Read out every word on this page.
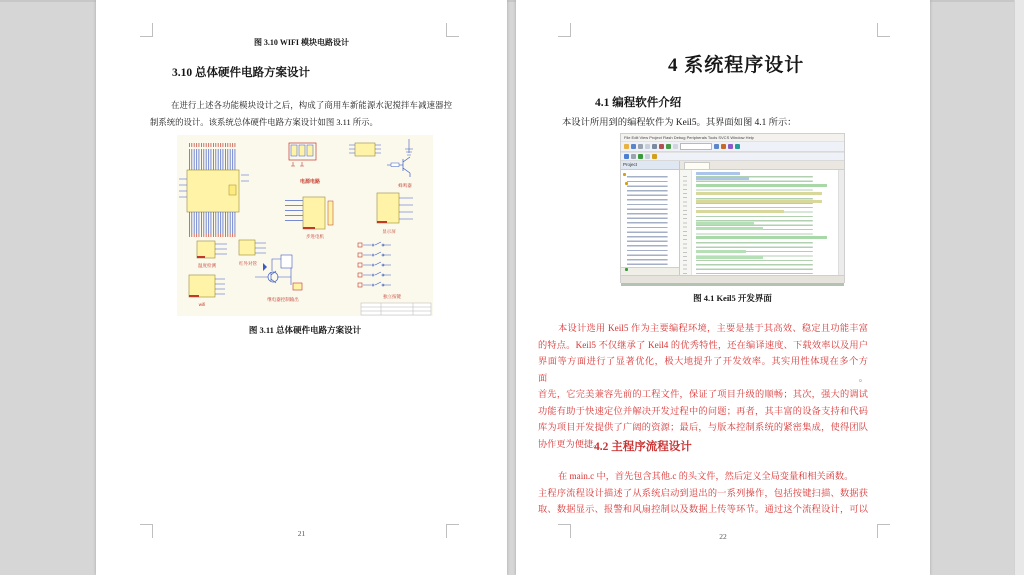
图 3.10 WIFI 模块电路设计
3.10 总体硬件电路方案设计
在进行上述各功能模块设计之后，构成了商用车新能源水泥搅拌车减速器控
制系统的设计。该系统总体硬件电路方案设计如图 3.11 所示。
电源电路
蜂鸣器
显示屏
独立按键
步进电机
继电器控制输出
温度检测	红外对管
wifi
图 3.11 总体硬件电路方案设计
21
4 系统程序设计
4.1 编程软件介绍
本设计所用到的编程软件为 Keil5。其界面如图 4.1 所示：
File Edit View Project Flash Debug Peripherals Tools SVCS Window Help
Project
图 4.1 Keil5 开发界面
本设计选用 Keil5 作为主要编程环境，主要是基于其高效、稳定且功能丰富
的特点。Keil5 不仅继承了 Keil4 的优秀特性，还在编译速度、下载效率以及用户
界面等方面进行了显著优化，极大地提升了开发效率。其实用性体现在多个方面。
首先，它完美兼容先前的工程文件，保证了项目升级的顺畅；其次，强大的调试
功能有助于快速定位并解决开发过程中的问题；再者，其丰富的设备支持和代码
库为项目开发提供了广阔的资源；最后，与版本控制系统的紧密集成，使得团队
协作更为便捷。
4.2 主程序流程设计
在 main.c 中，首先包含其他.c 的头文件，然后定义全局变量和相关函数。
主程序流程设计描述了从系统启动到退出的一系列操作，包括按键扫描、数据获
取、数据显示、报警和风扇控制以及数据上传等环节。通过这个流程设计，可以
22
